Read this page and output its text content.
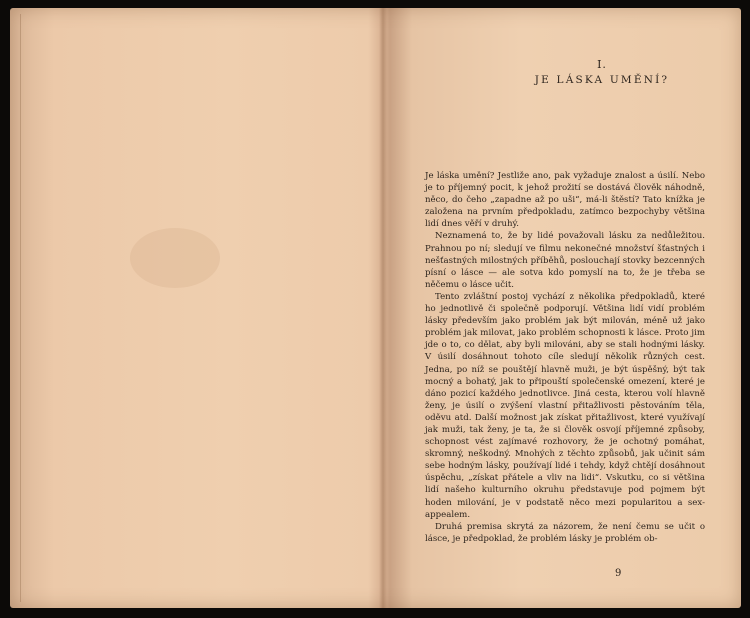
I.
JE LÁSKA UMĚNÍ?

Je láska umění? Jestliže ano, pak vyžaduje znalost a úsilí. Nebo je to příjemný pocit, k jehož prožití se dostává člověk náhodně, něco, do čeho „zapadne až po uši“, má-li štěstí? Tato knížka je založena na prvním předpokladu, zatímco bezpochyby většina lidí dnes věří v druhý.

Neznamená to, že by lidé považovali lásku za nedůležitou. Prahnou po ní; sledují ve filmu nekonečné množství šťastných i nešťastných milostných příběhů, poslouchají stovky bezcenných písní o lásce — ale sotva kdo pomyslí na to, že je třeba se něčemu o lásce učit.

Tento zvláštní postoj vychází z několika předpokladů, které ho jednotlivě či společně podporují. Většina lidí vidí problém lásky především jako problém jak být milován, méně už jako problém jak milovat, jako problém schopnosti k lásce. Proto jim jde o to, co dělat, aby byli milováni, aby se stali hodnými lásky. V úsilí dosáhnout tohoto cíle sledují několik různých cest. Jedna, po níž se pouštějí hlavně muži, je být úspěšný, být tak mocný a bohatý, jak to připouští společenské omezení, které je dáno pozicí každého jednotlivce. Jiná cesta, kterou volí hlavně ženy, je úsilí o zvýšení vlastní přitažlivosti pěstováním těla, oděvu atd. Další možnost jak získat přitažlivost, které využívají jak muži, tak ženy, je ta, že si člověk osvojí příjemné způsoby, schopnost vést zajímavé rozhovory, že je ochotný pomáhat, skromný, neškodný. Mnohých z těchto způsobů, jak učinit sám sebe hodným lásky, používají lidé i tehdy, když chtějí dosáhnout úspěchu, „získat přátele a vliv na lidi“. Vskutku, co si většina lidí našeho kulturního okruhu představuje pod pojmem být hoden milování, je v podstatě něco mezi popularitou a sex-appealem.

Druhá premisa skrytá za názorem, že není čemu se učit o lásce, je předpoklad, že problém lásky je problém ob-

9
